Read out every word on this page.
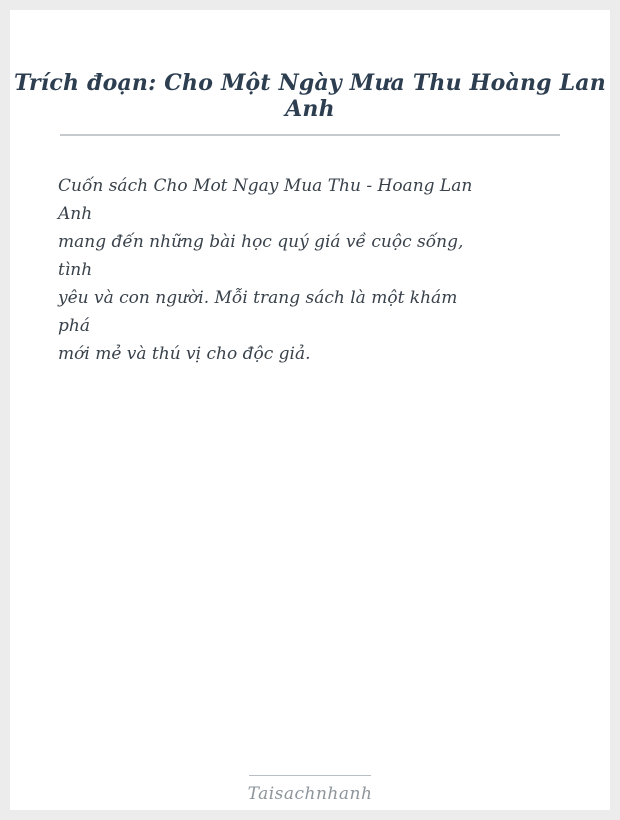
Trích đoạn: Cho Một Ngày Mưa Thu Hoàng Lan Anh
Cuốn sách Cho Mot Ngay Mua Thu - Hoang Lan
Anh
mang đến những bài học quý giá về cuộc sống,
tình
yêu và con người. Mỗi trang sách là một khám
phá
mới mẻ và thú vị cho độc giả.
Taisachnhanh
